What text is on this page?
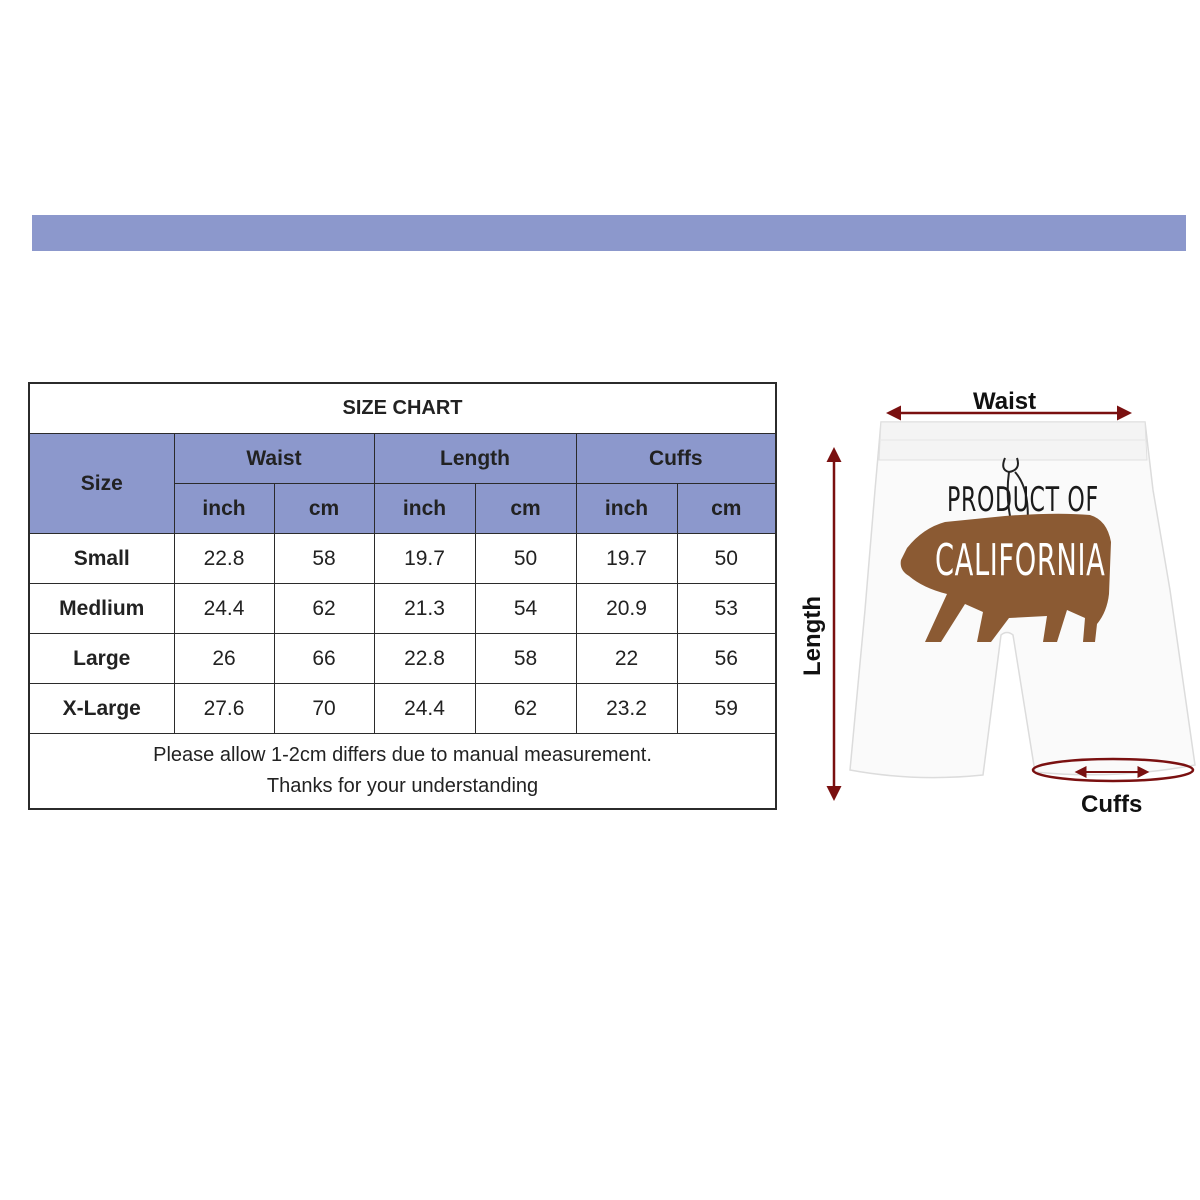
SIZE CHART						
Size	Waist		Length		Cuffs	
	inch	cm	inch	cm	inch	cm
Small	22.8	58	19.7	50	19.7	50
Medlium	24.4	62	21.3	54	20.9	53
Large	26	66	22.8	58	22	56
X-Large	27.6	70	24.4	62	23.2	59

Please allow 1-2cm differs due to manual measurement.
Thanks for your understanding						
PRODUCT OF
CALIFORNIA
Waist
Length
Cuffs
